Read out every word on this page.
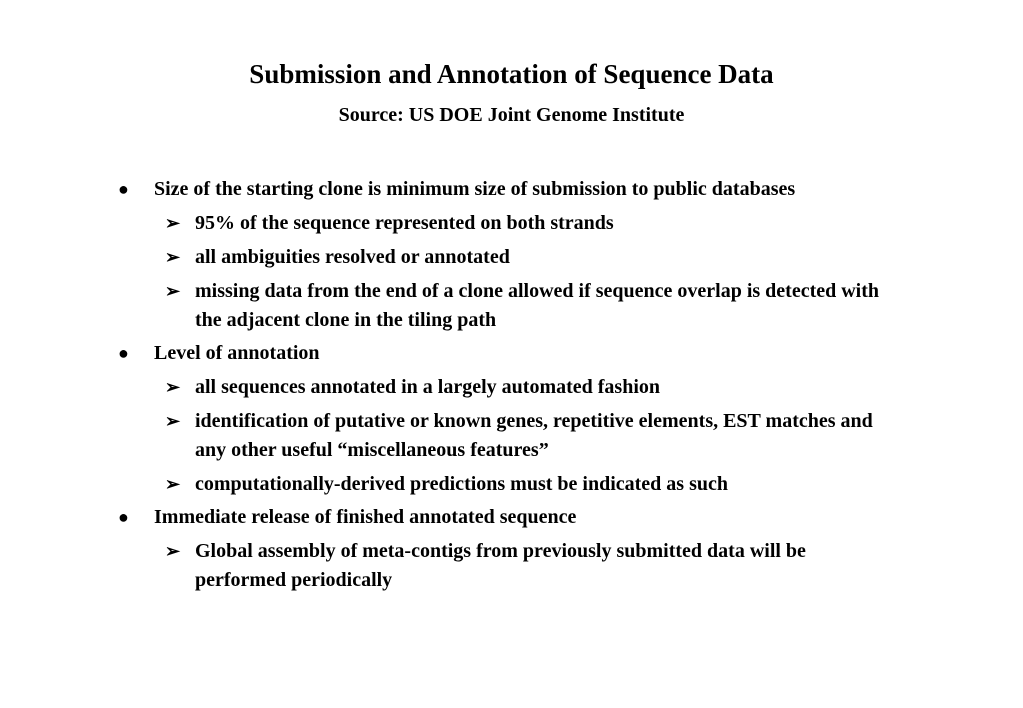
Submission and Annotation of Sequence Data
Source: US DOE Joint Genome Institute
●	Size of the starting clone is minimum size of submission to public databases
➢ 95% of the sequence represented on both strands
➢ all ambiguities resolved or annotated
➢ missing data from the end of a clone allowed if sequence overlap is detected with the adjacent clone in the tiling path
●	Level of annotation
➢ all sequences annotated in a largely automated fashion
➢ identification of putative or known genes, repetitive elements, EST matches and any other useful “miscellaneous features”
➢ computationally-derived predictions must be indicated as such
●	Immediate release of finished annotated sequence
➢ Global assembly of meta-contigs from previously submitted data will be performed periodically
